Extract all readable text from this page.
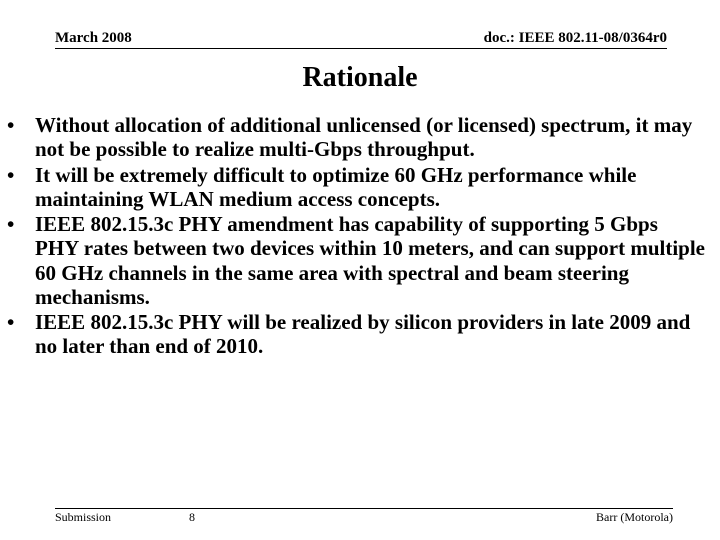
March 2008	doc.: IEEE 802.11-08/0364r0
Rationale
• Without allocation of additional unlicensed (or licensed) spectrum, it may not be possible to realize multi-Gbps throughput.
• It will be extremely difficult to optimize 60 GHz performance while maintaining WLAN medium access concepts.
• IEEE 802.15.3c PHY amendment has capability of supporting 5 Gbps PHY rates between two devices within 10 meters, and can support multiple 60 GHz channels in the same area with spectral and beam steering mechanisms.
• IEEE 802.15.3c PHY will be realized by silicon providers in late 2009 and no later than end of 2010.
Submission	8	Barr (Motorola)
